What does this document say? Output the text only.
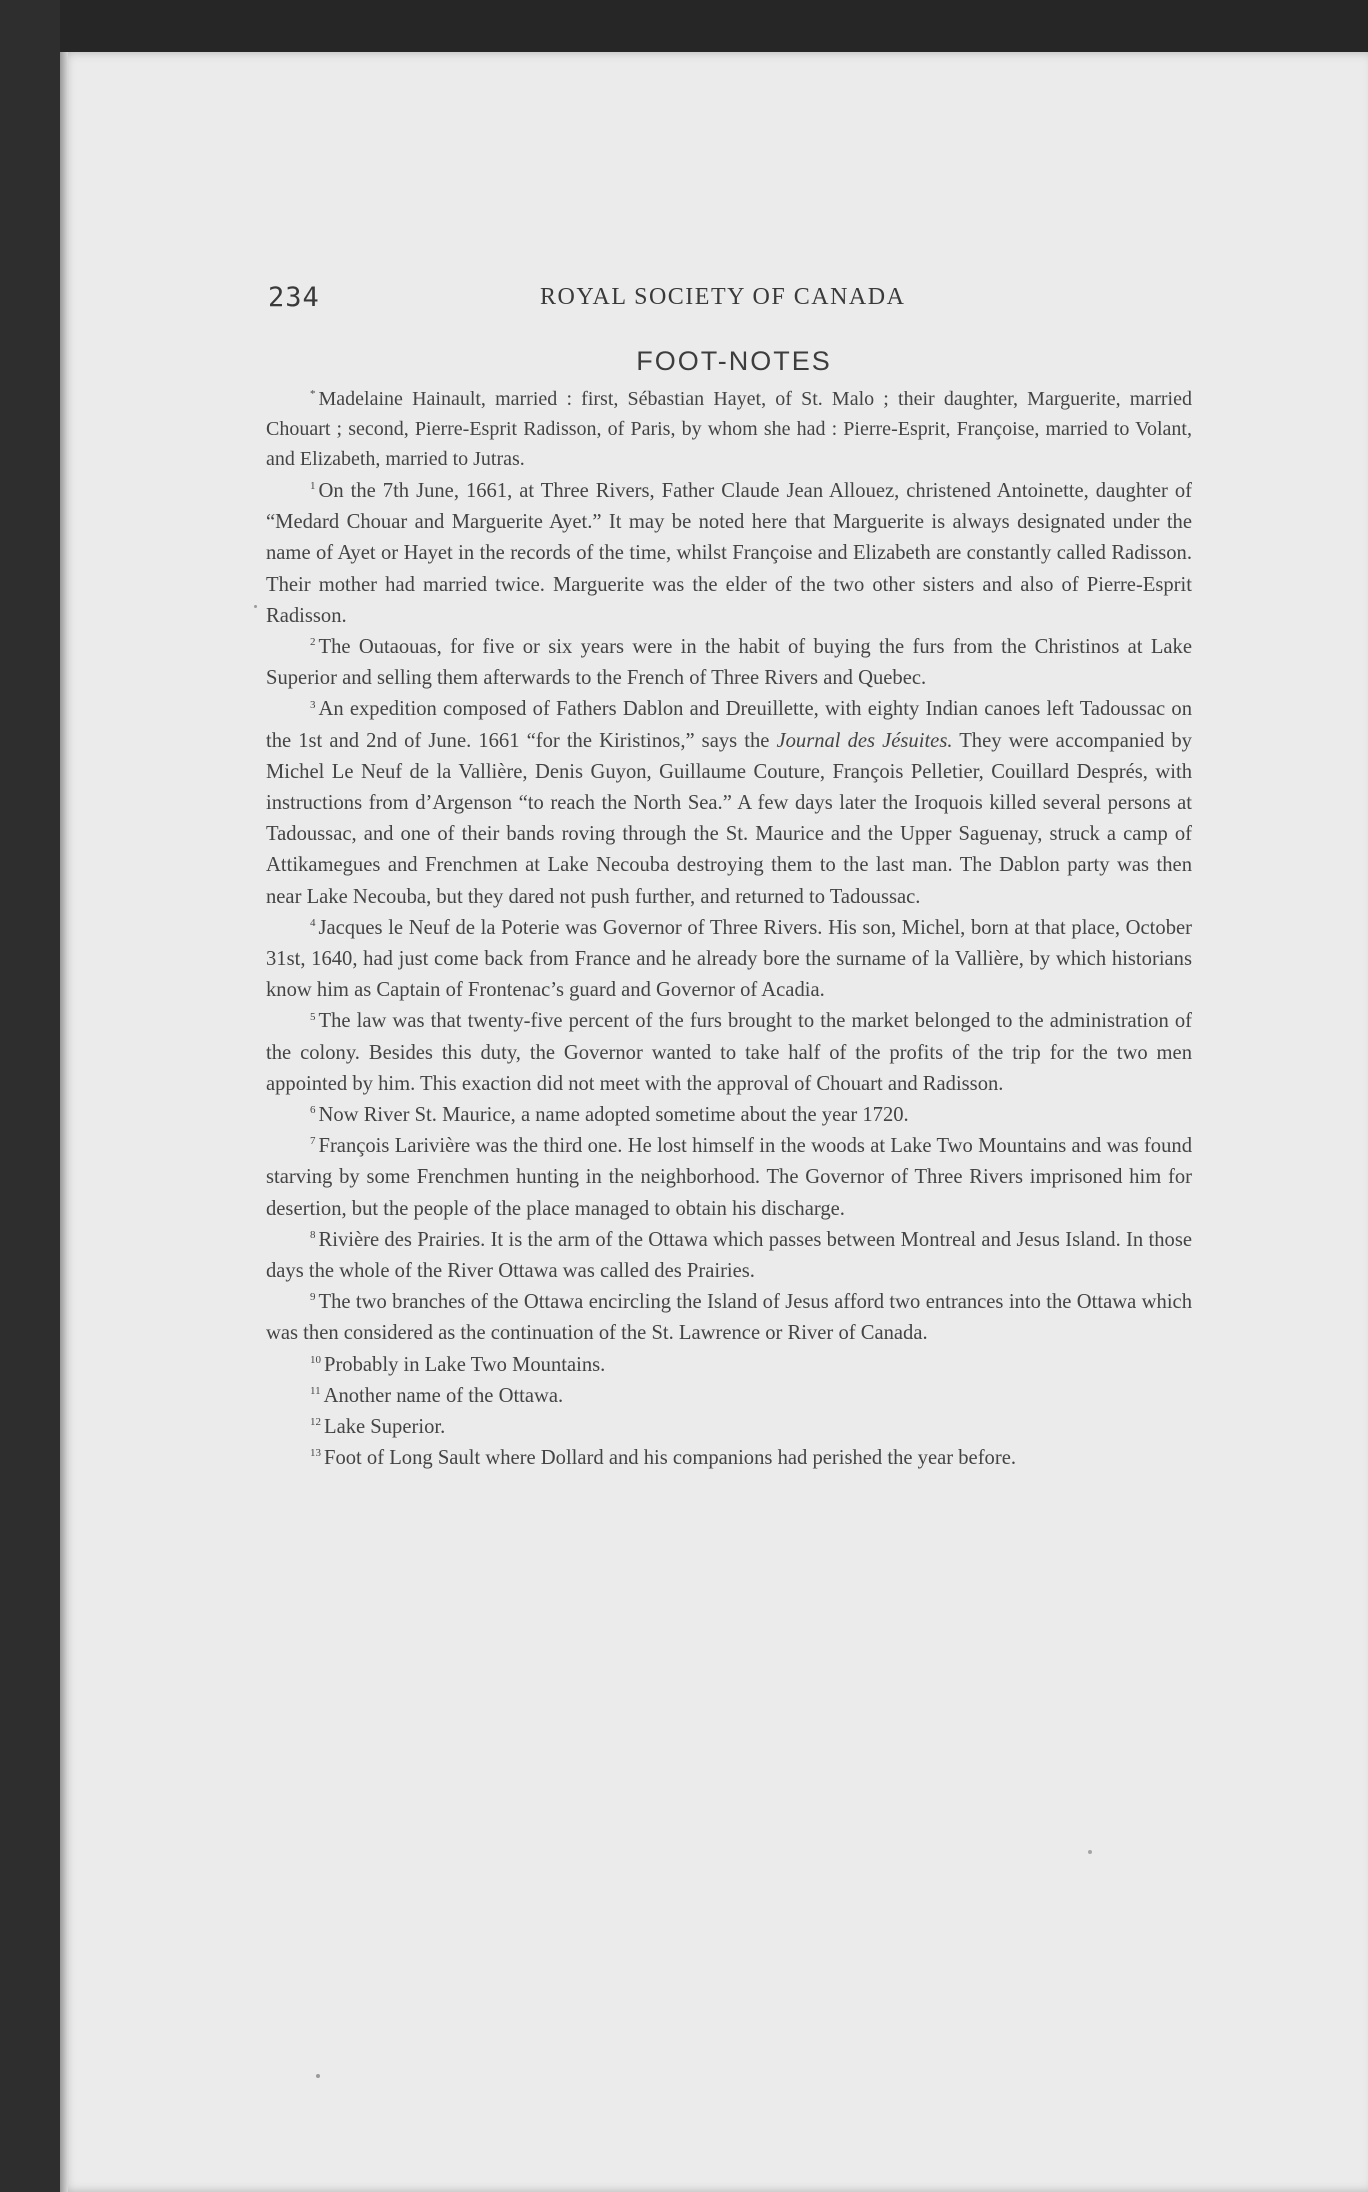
234	ROYAL SOCIETY OF CANADA
FOOT-NOTES

* Madelaine Hainault, married : first, Sébastian Hayet, of St. Malo ; their daughter, Marguerite, married Chouart ; second, Pierre-Esprit Radisson, of Paris, by whom she had : Pierre-Esprit, Françoise, married to Volant, and Elizabeth, married to Jutras.

$^1$ On the 7th June, 1661, at Three Rivers, Father Claude Jean Allouez, christened Antoinette, daughter of “Medard Chouar and Marguerite Ayet.” It may be noted here that Marguerite is always designated under the name of Ayet or Hayet in the records of the time, whilst Françoise and Elizabeth are constantly called Radisson. Their mother had married twice. Marguerite was the elder of the two other sisters and also of Pierre-Esprit Radisson.

$^2$ The Outaouas, for five or six years were in the habit of buying the furs from the Christinos at Lake Superior and selling them afterwards to the French of Three Rivers and Quebec.

$^3$ An expedition composed of Fathers Dablon and Dreuillette, with eighty Indian canoes left Tadoussac on the 1st and 2nd of June. 1661 “for the Kiristinos,” says the Journal des Jésuites. They were accompanied by Michel Le Neuf de la Vallière, Denis Guyon, Guillaume Couture, François Pelletier, Couillard Després, with instructions from d’Argenson “to reach the North Sea.” A few days later the Iroquois killed several persons at Tadoussac, and one of their bands roving through the St. Maurice and the Upper Saguenay, struck a camp of Attikamegues and Frenchmen at Lake Necouba destroying them to the last man. The Dablon party was then near Lake Necouba, but they dared not push further, and returned to Tadoussac.

$^4$ Jacques le Neuf de la Poterie was Governor of Three Rivers. His son, Michel, born at that place, October 31st, 1640, had just come back from France and he already bore the surname of la Vallière, by which historians know him as Captain of Frontenac’s guard and Governor of Acadia.

$^5$ The law was that twenty-five percent of the furs brought to the market belonged to the administration of the colony. Besides this duty, the Governor wanted to take half of the profits of the trip for the two men appointed by him. This exaction did not meet with the approval of Chouart and Radisson.

$^6$ Now River St. Maurice, a name adopted sometime about the year 1720.

$^7$ François Larivière was the third one. He lost himself in the woods at Lake Two Mountains and was found starving by some Frenchmen hunting in the neighborhood. The Governor of Three Rivers imprisoned him for desertion, but the people of the place managed to obtain his discharge.

$^8$ Rivière des Prairies. It is the arm of the Ottawa which passes between Montreal and Jesus Island. In those days the whole of the River Ottawa was called des Prairies.

$^9$ The two branches of the Ottawa encircling the Island of Jesus afford two entrances into the Ottawa which was then considered as the continuation of the St. Lawrence or River of Canada.

$^{10}$ Probably in Lake Two Mountains.

$^{11}$ Another name of the Ottawa.

$^{12}$ Lake Superior.

$^{13}$ Foot of Long Sault where Dollard and his companions had perished the year before.
